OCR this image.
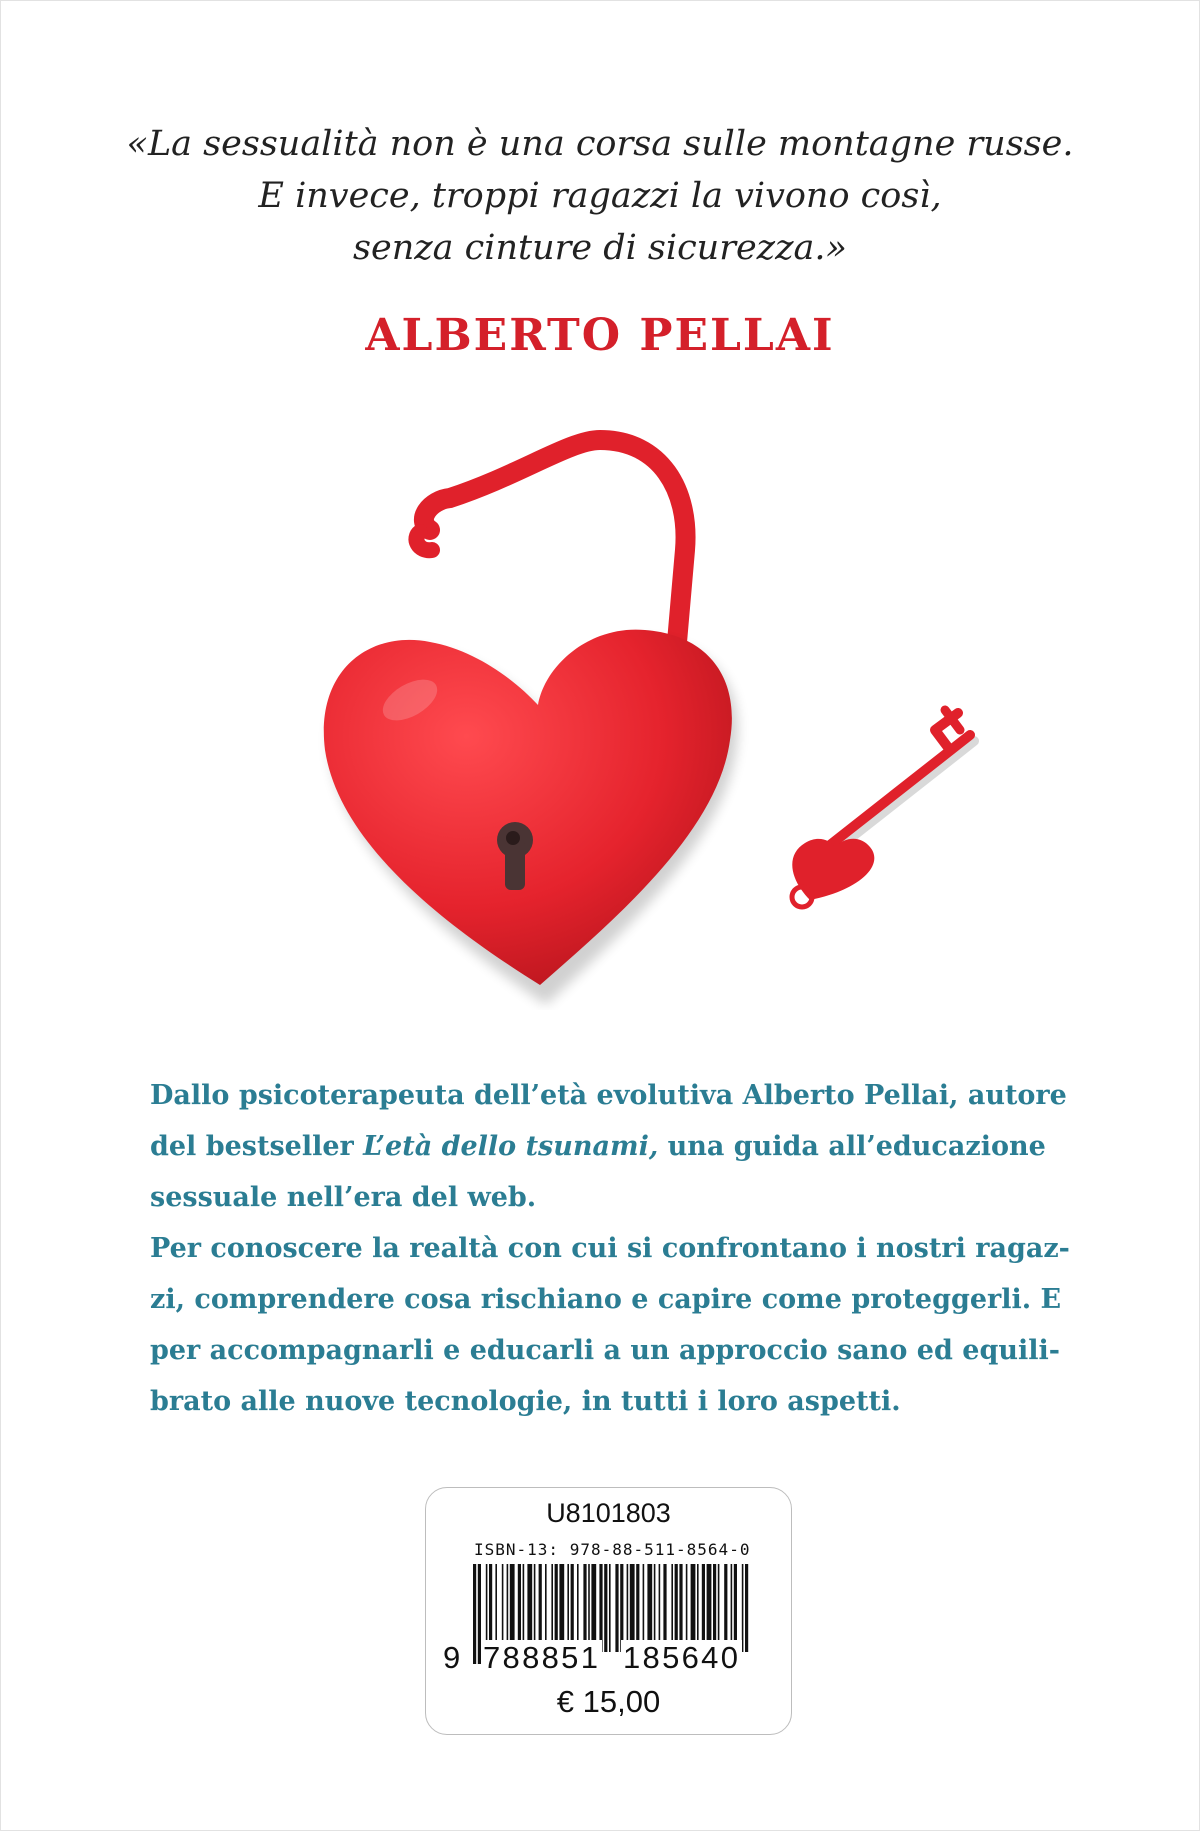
«La sessualità non è una corsa sulle montagne russe.
E invece, troppi ragazzi la vivono così,
senza cinture di sicurezza.»
ALBERTO PELLAI

Dallo psicoterapeuta dell’età evolutiva Alberto Pellai, autore
del bestseller L’età dello tsunami, una guida all’educazione
sessuale nell’era del web.

Per conoscere la realtà con cui si confrontano i nostri ragaz-
zi, comprendere cosa rischiano e capire come proteggerli. E
per accompagnarli e educarli a un approccio sano ed equili-
brato alle nuove tecnologie, in tutti i loro aspetti.

U8101803
ISBN-13: 978-88-511-8564-0
9 788851 185640
€ 15,00
